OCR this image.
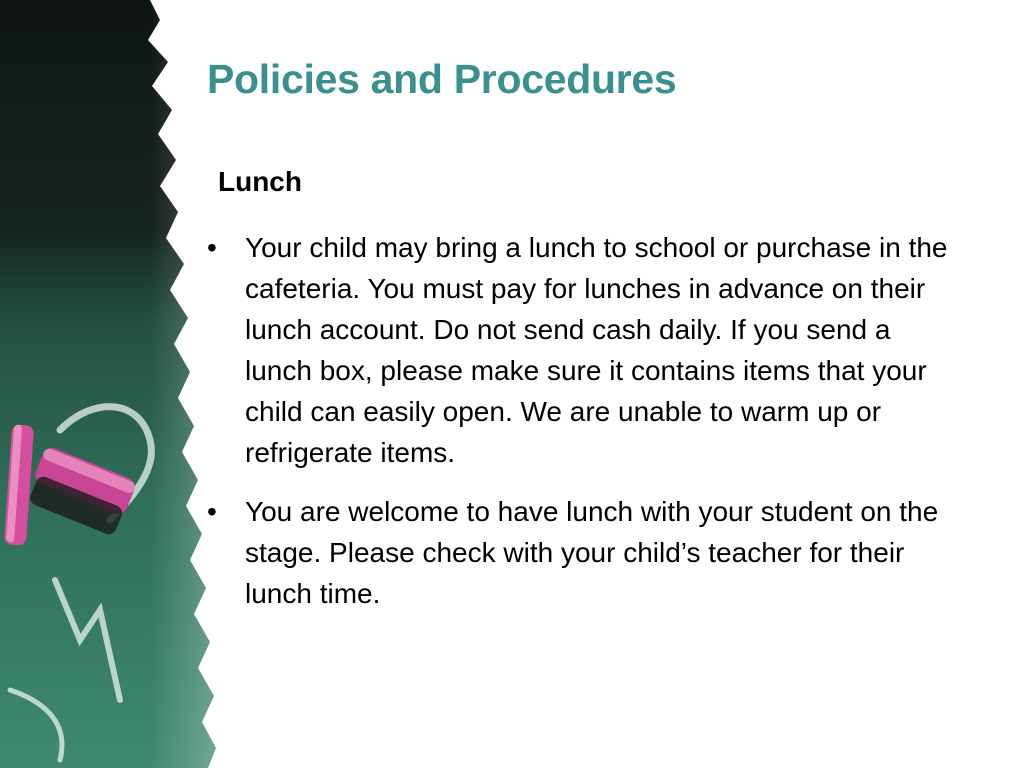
Policies and Procedures
Lunch
• Your child may bring a lunch to school or purchase in the cafeteria. You must pay for lunches in advance on their lunch account. Do not send cash daily. If you send a lunch box, please make sure it contains items that your child can easily open. We are unable to warm up or refrigerate items.
• You are welcome to have lunch with your student on the stage. Please check with your child’s teacher for their lunch time.
